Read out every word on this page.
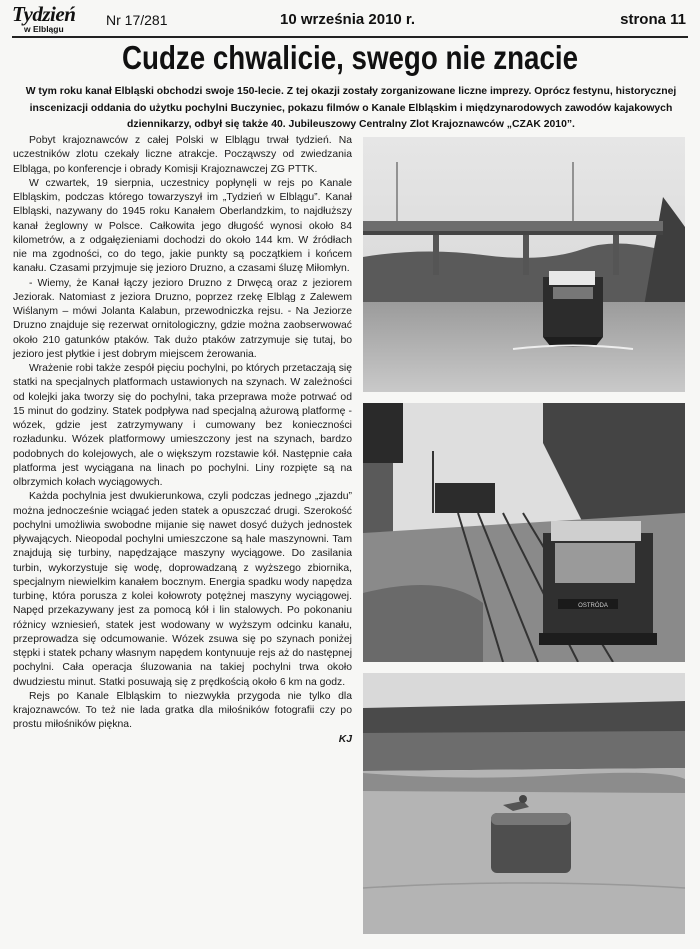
Tydzień
w Elblągu
Nr 17/281	10 września 2010 r.	strona 11
Cudze chwalicie, swego nie znacie
W tym roku kanał Elbląski obchodzi swoje 150-lecie. Z tej okazji zostały zorganizowane liczne imprezy. Oprócz festynu, historycznej inscenizacji oddania do użytku pochylni Buczyniec, pokazu filmów o Kanale Elbląskim i międzynarodowych zawodów kajakowych dziennikarzy, odbył się także 40. Jubileuszowy Centralny Zlot Krajoznawców „CZAK 2010”.

Pobyt krajoznawców z całej Polski w Elblągu trwał tydzień. Na uczestników zlotu czekały liczne atrakcje. Począwszy od zwiedzania Elbląga, po konferencje i obrady Komisji Krajoznawczej ZG PTTK.

W czwartek, 19 sierpnia, uczestnicy popłynęli w rejs po Kanale Elbląskim, podczas którego towarzyszył im „Tydzień w Elblągu”. Kanał Elbląski, nazywany do 1945 roku Kanałem Oberlandzkim, to najdłuższy kanał żeglowny w Polsce. Całkowita jego długość wynosi około 84 kilometrów, a z odgałęzieniami dochodzi do około 144 km. W źródłach nie ma zgodności, co do tego, jakie punkty są początkiem i końcem kanału. Czasami przyjmuje się jezioro Druzno, a czasami śluzę Miłomłyn.

- Wiemy, że Kanał łączy jezioro Druzno z Drwęcą oraz z jeziorem Jeziorak. Natomiast z jeziora Druzno, poprzez rzekę Elbląg z Zalewem Wiślanym – mówi Jolanta Kalabun, przewodniczka rejsu. - Na Jeziorze Druzno znajduje się rezerwat ornitologiczny, gdzie można zaobserwować około 210 gatunków ptaków. Tak dużo ptaków zatrzymuje się tutaj, bo jezioro jest płytkie i jest dobrym miejscem żerowania.

Wrażenie robi także zespół pięciu pochylni, po których przetaczają się statki na specjalnych platformach ustawionych na szynach. W zależności od kolejki jaka tworzy się do pochylni, taka przeprawa może potrwać od 15 minut do godziny. Statek podpływa nad specjalną ażurową platformę - wózek, gdzie jest zatrzymywany i cumowany bez konieczności rozładunku. Wózek platformowy umieszczony jest na szynach, bardzo podobnych do kolejowych, ale o większym rozstawie kół. Następnie cała platforma jest wyciągana na linach po pochylni. Liny rozpięte są na olbrzymich kołach wyciągowych.

Każda pochylnia jest dwukierunkowa, czyli podczas jednego „zjazdu” można jednocześnie wciągać jeden statek a opuszczać drugi. Szerokość pochylni umożliwia swobodne mijanie się nawet dosyć dużych jednostek pływających. Nieopodal pochylni umieszczone są hale maszynowni. Tam znajdują się turbiny, napędzające maszyny wyciągowe. Do zasilania turbin, wykorzystuje się wodę, doprowadzaną z wyższego zbiornika, specjalnym niewielkim kanałem bocznym. Energia spadku wody napędza turbinę, która porusza z kolei kołowroty potężnej maszyny wyciągowej. Napęd przekazywany jest za pomocą kół i lin stalowych. Po pokonaniu różnicy wzniesień, statek jest wodowany w wyższym odcinku kanału, przeprowadza się odcumowanie. Wózek zsuwa się po szynach poniżej stępki i statek pchany własnym napędem kontynuuje rejs aż do następnej pochylni. Cała operacja śluzowania na takiej pochylni trwa około dwudziestu minut. Statki posuwają się z prędkością około 6 km na godz.

Rejs po Kanale Elbląskim to niezwykła przygoda nie tylko dla krajoznawców. To też nie lada gratka dla miłośników fotografii czy po prostu miłośników piękna.

KJ
OSTRÓDA
